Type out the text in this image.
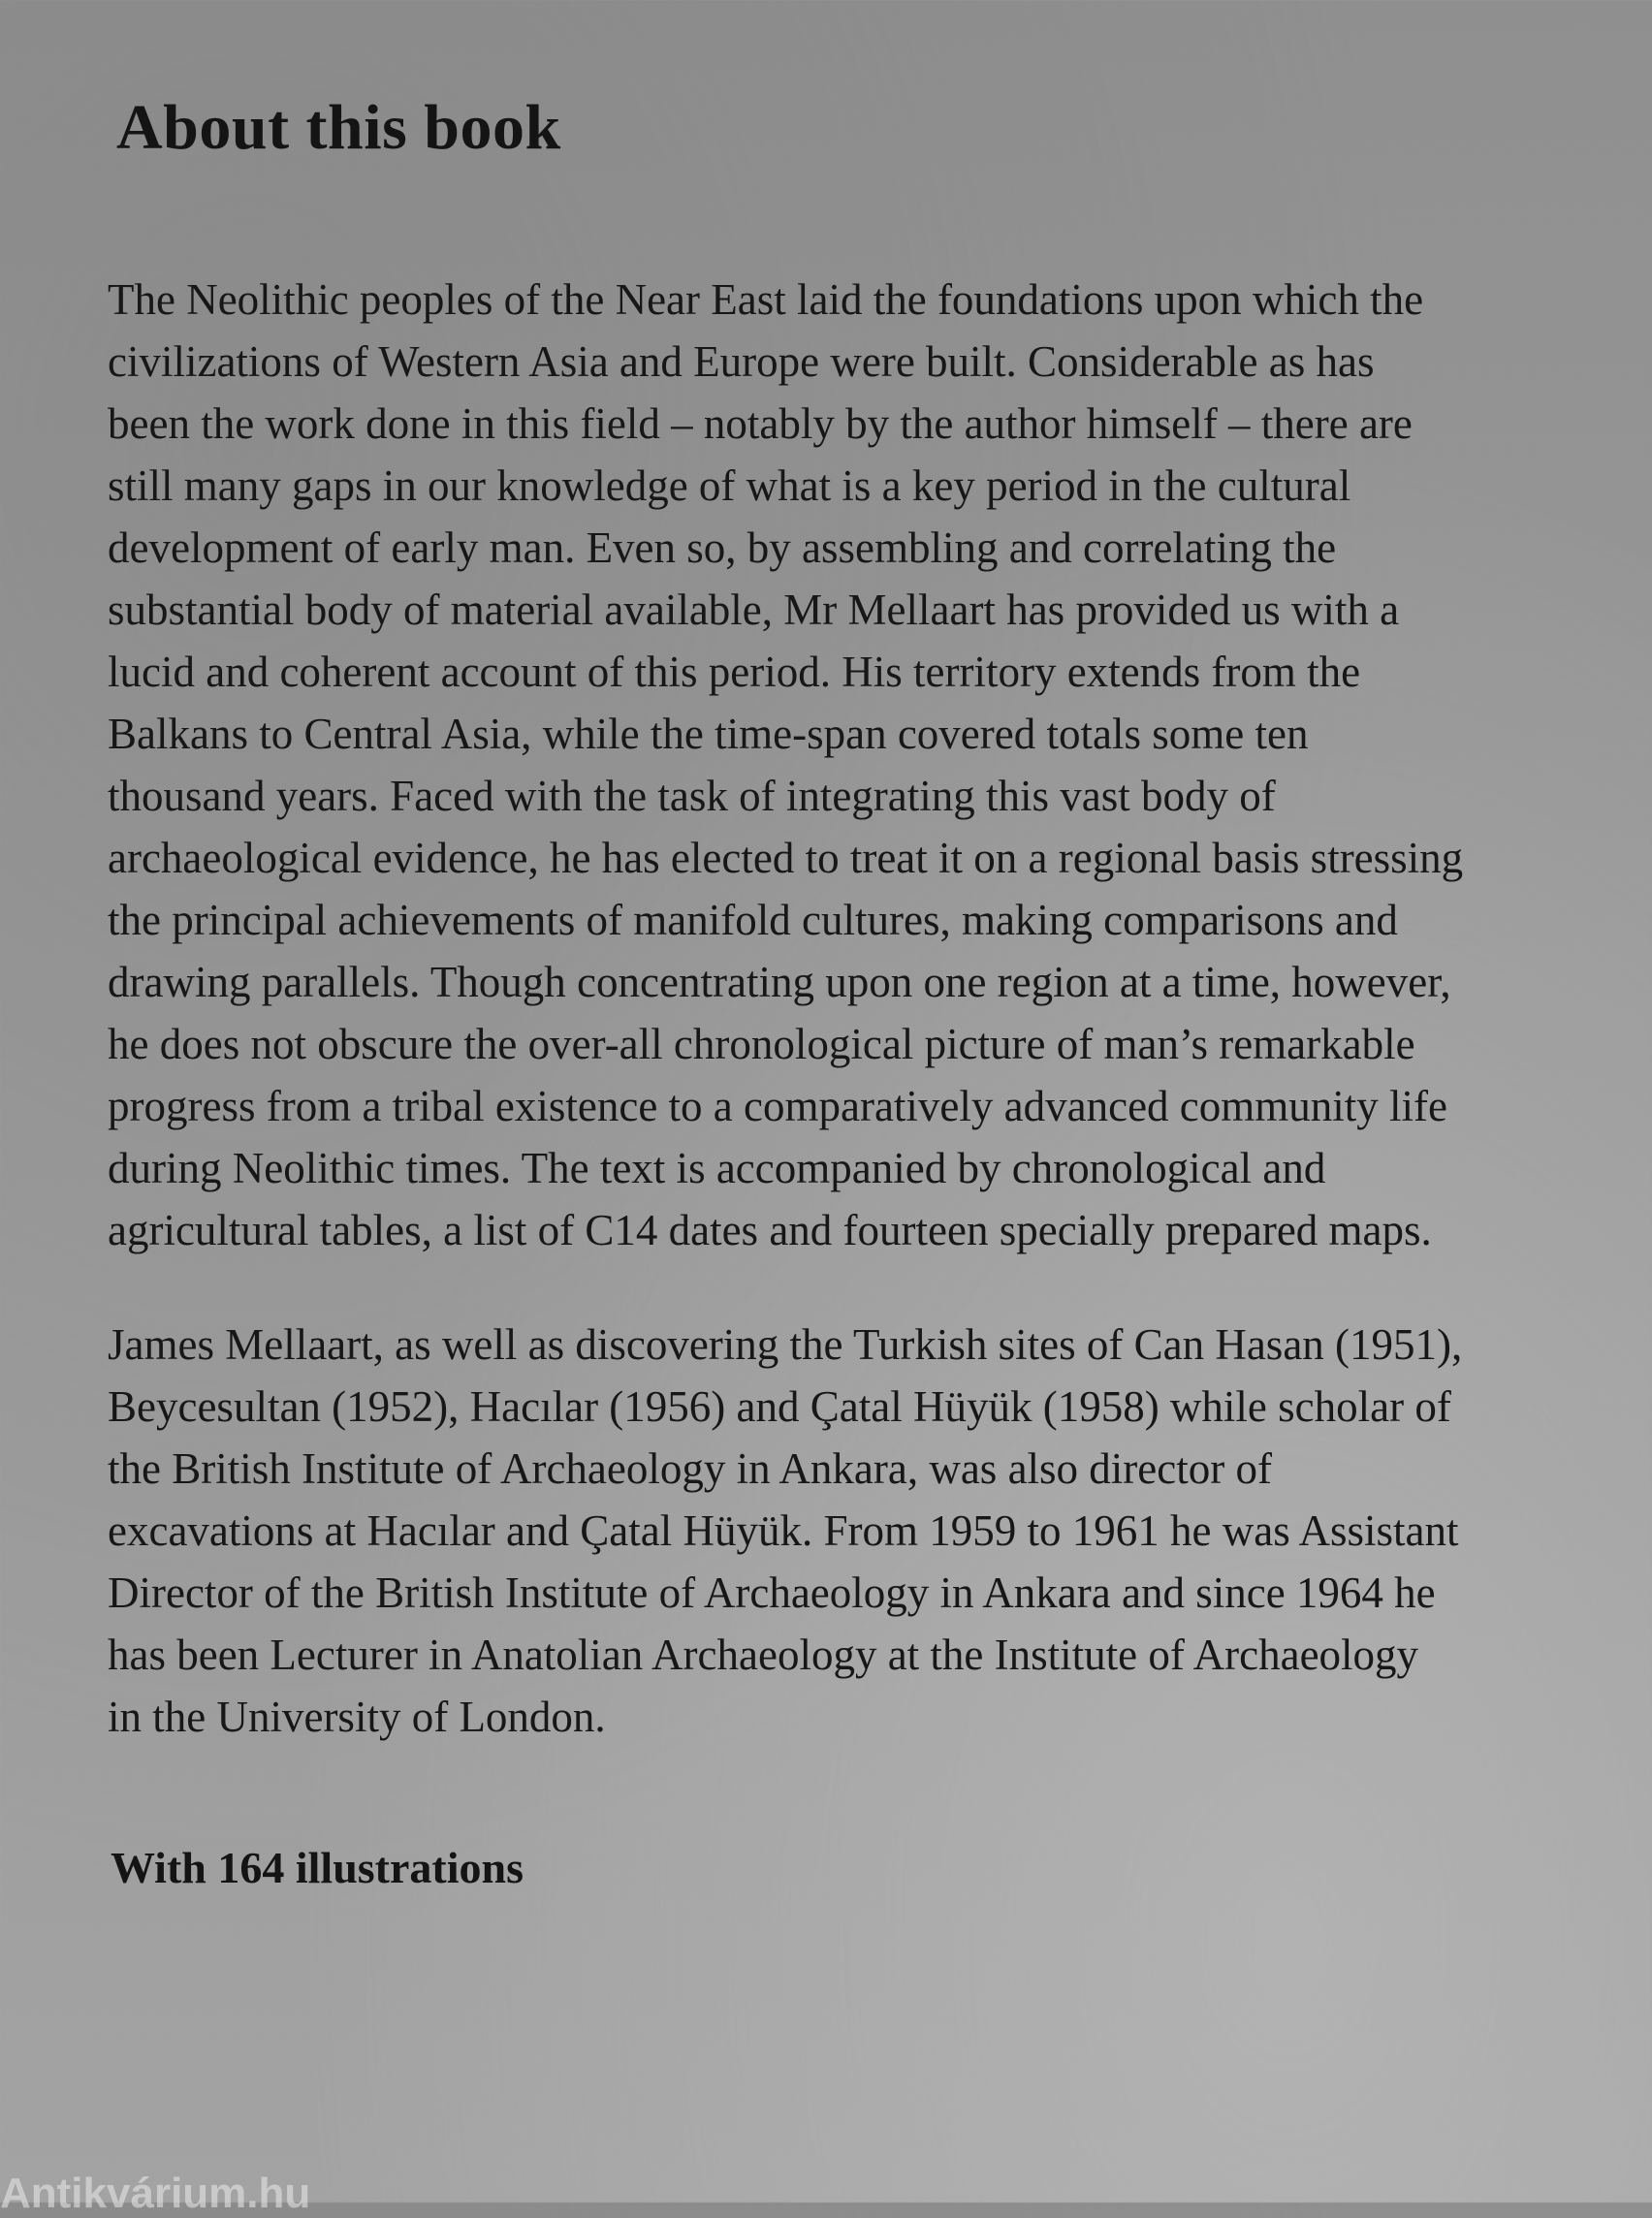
About this book

The Neolithic peoples of the Near East laid the foundations upon which the
civilizations of Western Asia and Europe were built. Considerable as has
been the work done in this field – notably by the author himself – there are
still many gaps in our knowledge of what is a key period in the cultural
development of early man. Even so, by assembling and correlating the
substantial body of material available, Mr Mellaart has provided us with a
lucid and coherent account of this period. His territory extends from the
Balkans to Central Asia, while the time-span covered totals some ten
thousand years. Faced with the task of integrating this vast body of
archaeological evidence, he has elected to treat it on a regional basis stressing
the principal achievements of manifold cultures, making comparisons and
drawing parallels. Though concentrating upon one region at a time, however,
he does not obscure the over-all chronological picture of man’s remarkable
progress from a tribal existence to a comparatively advanced community life
during Neolithic times. The text is accompanied by chronological and
agricultural tables, a list of C14 dates and fourteen specially prepared maps.

James Mellaart, as well as discovering the Turkish sites of Can Hasan (1951),
Beycesultan (1952), Hacılar (1956) and Çatal Hüyük (1958) while scholar of
the British Institute of Archaeology in Ankara, was also director of
excavations at Hacılar and Çatal Hüyük. From 1959 to 1961 he was Assistant
Director of the British Institute of Archaeology in Ankara and since 1964 he
has been Lecturer in Anatolian Archaeology at the Institute of Archaeology
in the University of London.

With 164 illustrations

Antikvárium.hu
